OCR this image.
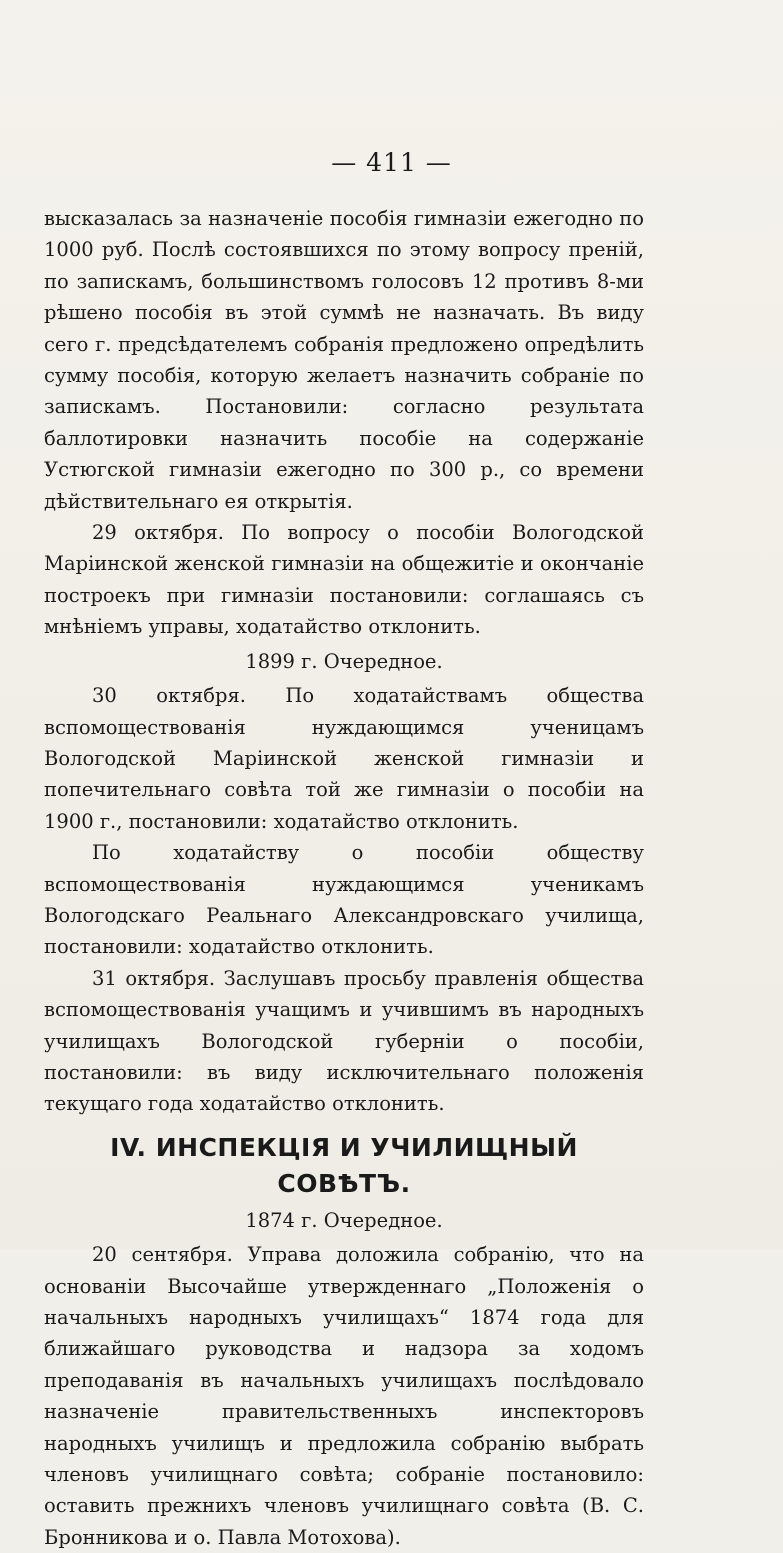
— 411 —

высказалась за назначеніе пособія гимназіи ежегодно по 1000 руб. Послѣ состоявшихся по этому вопросу преній, по запискамъ, большинствомъ голосовъ 12 противъ 8-ми рѣшено пособія въ этой суммѣ не назначать. Въ виду сего г. предсѣдателемъ собранія предложено опредѣлить сумму пособія, которую желаетъ назначить собраніе по запискамъ. Постановили: согласно результата баллотировки назначить пособіе на содержаніе Устюгской гимназіи ежегодно по 300 р., со времени дѣйствительнаго ея открытія.

29 октября. По вопросу о пособіи Вологодской Маріинской женской гимназіи на общежитіе и окончаніе построекъ при гимназіи постановили: соглашаясь съ мнѣніемъ управы, ходатайство отклонить.

1899 г. Очередное.

30 октября. По ходатайствамъ общества вспомоществованія нуждающимся ученицамъ Вологодской Маріинской женской гимназіи и попечительнаго совѣта той же гимназіи о пособіи на 1900 г., постановили: ходатайство отклонить.

По ходатайству о пособіи обществу вспомоществованія нуждающимся ученикамъ Вологодскаго Реальнаго Александровскаго училища, постановили: ходатайство отклонить.

31 октября. Заслушавъ просьбу правленія общества вспомоществованія учащимъ и учившимъ въ народныхъ училищахъ Вологодской губерніи о пособіи, постановили: въ виду исключительнаго положенія текущаго года ходатайство отклонить.

IV. ИНСПЕКЦІЯ И УЧИЛИЩНЫЙ СОВѢТЪ.

1874 г. Очередное.

20 сентября. Управа доложила собранію, что на основаніи Высочайше утвержденнаго „Положенія о начальныхъ народныхъ училищахъ“ 1874 года для ближайшаго руководства и надзора за ходомъ преподаванія въ начальныхъ училищахъ послѣдовало назначеніе правительственныхъ инспекторовъ народныхъ училищъ и предложила собранію выбрать членовъ училищнаго совѣта; собраніе постановило: оставить прежнихъ членовъ училищнаго совѣта (В. С. Бронникова и о. Павла Мотохова).
